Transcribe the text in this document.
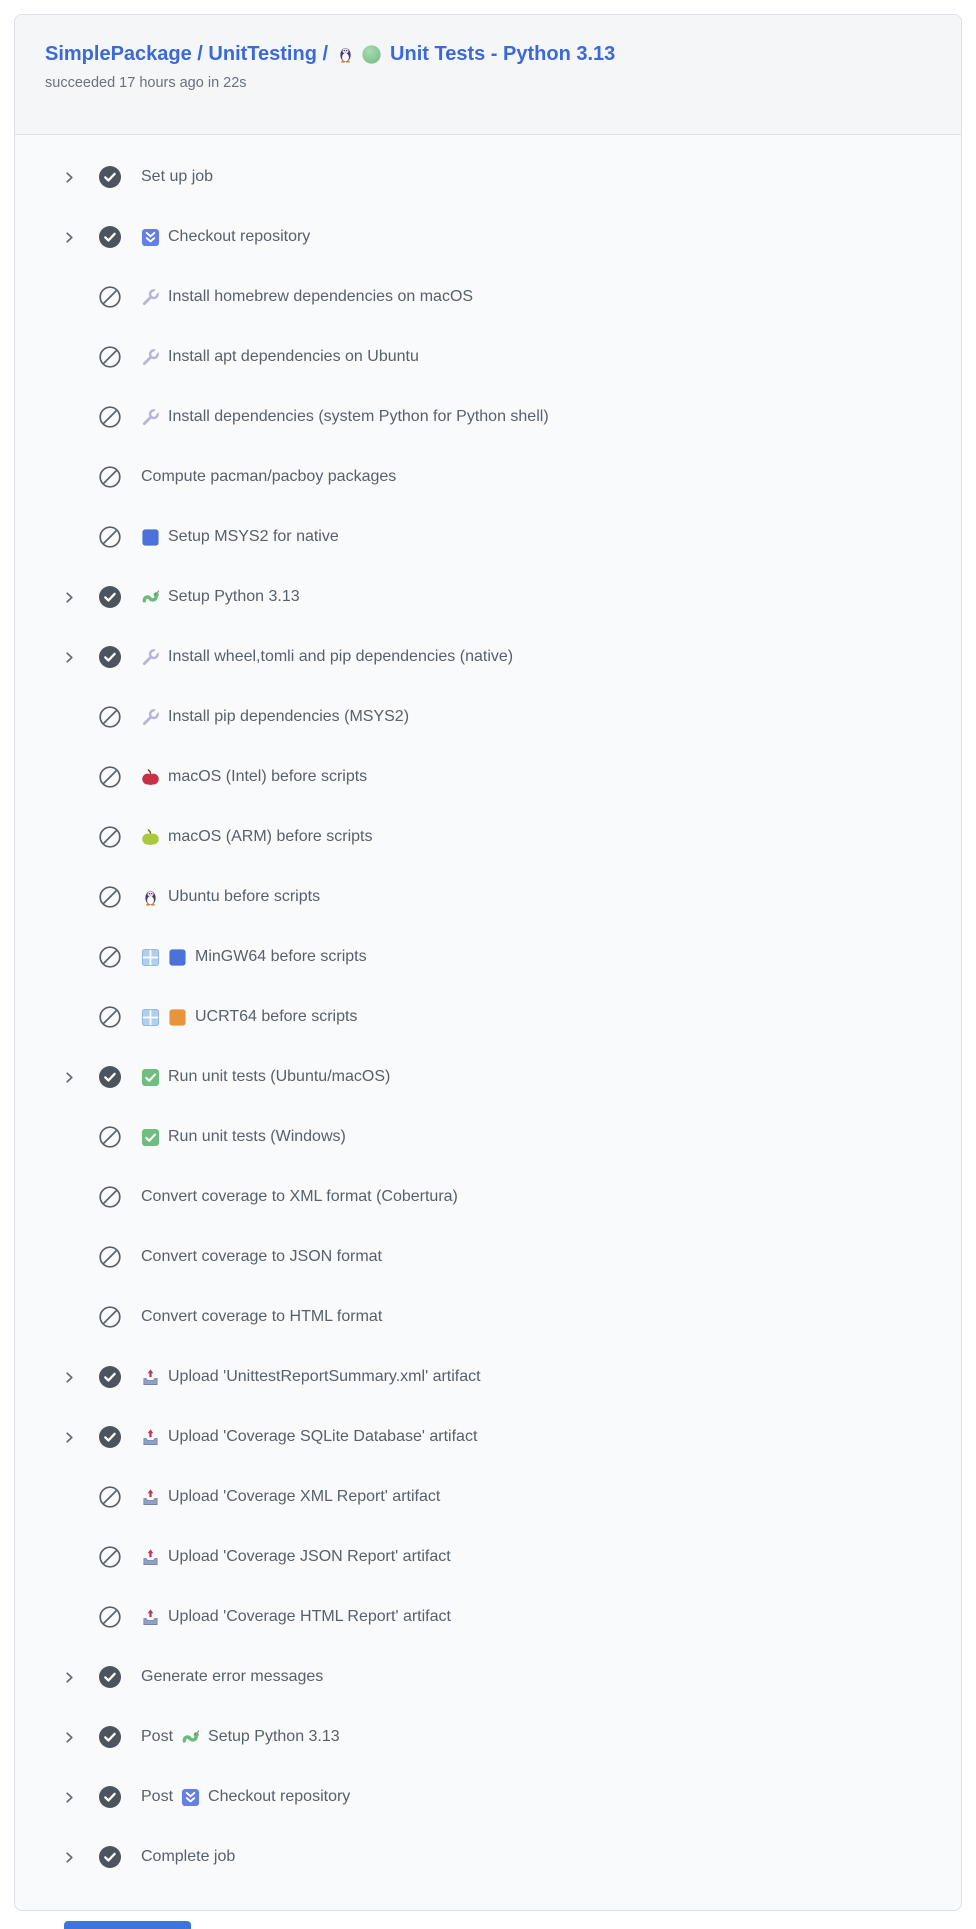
SimplePackage / UnitTesting /	Unit Tests - Python 3.13
succeeded 17 hours ago in 22s
Set up job
Checkout repository
Install homebrew dependencies on macOS
Install apt dependencies on Ubuntu
Install dependencies (system Python for Python shell)
Compute pacman/pacboy packages
Setup MSYS2 for native
Setup Python 3.13
Install wheel,tomli and pip dependencies (native)
Install pip dependencies (MSYS2)
macOS (Intel) before scripts
macOS (ARM) before scripts
Ubuntu before scripts
MinGW64 before scripts
UCRT64 before scripts
Run unit tests (Ubuntu/macOS)
Run unit tests (Windows)
Convert coverage to XML format (Cobertura)
Convert coverage to JSON format
Convert coverage to HTML format
Upload 'UnittestReportSummary.xml' artifact
Upload 'Coverage SQLite Database' artifact
Upload 'Coverage XML Report' artifact
Upload 'Coverage JSON Report' artifact
Upload 'Coverage HTML Report' artifact
Generate error messages
Post Setup Python 3.13
Post Checkout repository
Complete job
